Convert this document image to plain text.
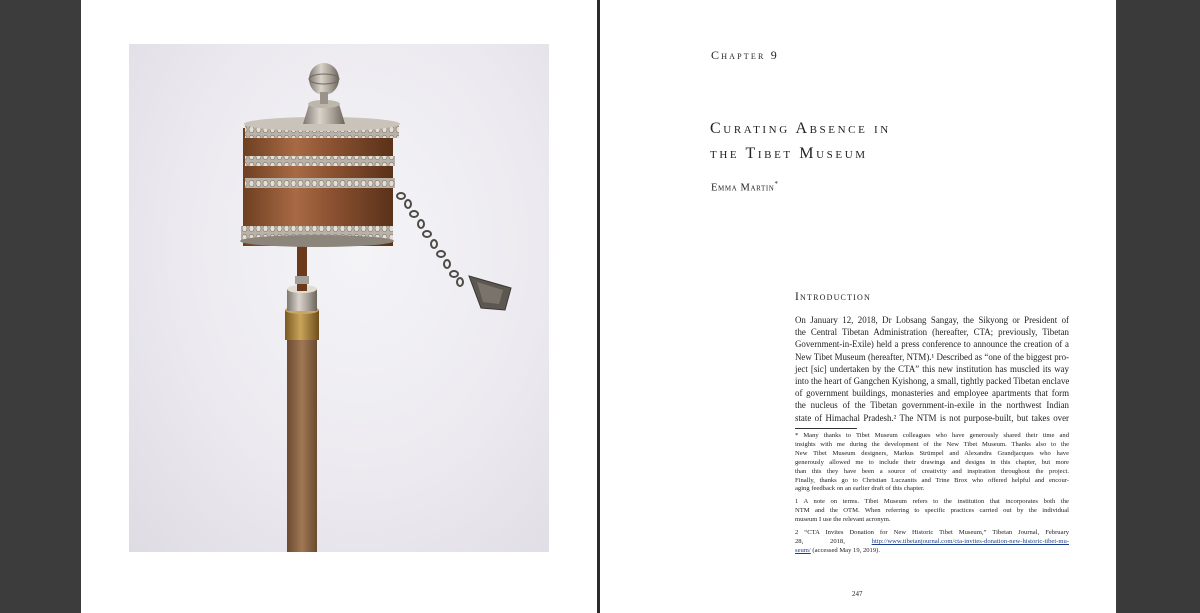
Chapter 9
Curating Absence in
the Tibet Museum
Emma Martin*
Introduction
On January 12, 2018, Dr Lobsang Sangay, the Sikyong or President of
the Central Tibetan Administration (hereafter, CTA; previously, Tibetan
Government-in-Exile) held a press conference to announce the creation of a
New Tibet Museum (hereafter, NTM).¹ Described as “one of the biggest pro-
ject [sic] undertaken by the CTA” this new institution has muscled its way
into the heart of Gangchen Kyishong, a small, tightly packed Tibetan enclave
of government buildings, monasteries and employee apartments that form
the nucleus of the Tibetan government-in-exile in the northwest Indian
state of Himachal Pradesh.² The NTM is not purpose-built, but takes over
* Many thanks to Tibet Museum colleagues who have generously shared their time and
insights with me during the development of the New Tibet Museum. Thanks also to the
New Tibet Museum designers, Markus Strümpel and Alexandra Grandjacques who have
generously allowed me to include their drawings and designs in this chapter, but more
than this they have been a source of creativity and inspiration throughout the project.
Finally, thanks go to Christian Luczanits and Trine Brox who offered helpful and encour-
aging feedback on an earlier draft of this chapter.
1 A note on terms. Tibet Museum refers to the institution that incorporates both the
NTM and the OTM. When referring to specific practices carried out by the individual
museum I use the relevant acronym.
2 “CTA Invites Donation for New Historic Tibet Museum,” Tibetan Journal, February
28, 2018, http://www.tibetanjournal.com/cta-invites-donation-new-historic-tibet-mu-
seum/ (accessed May 19, 2019).
247
